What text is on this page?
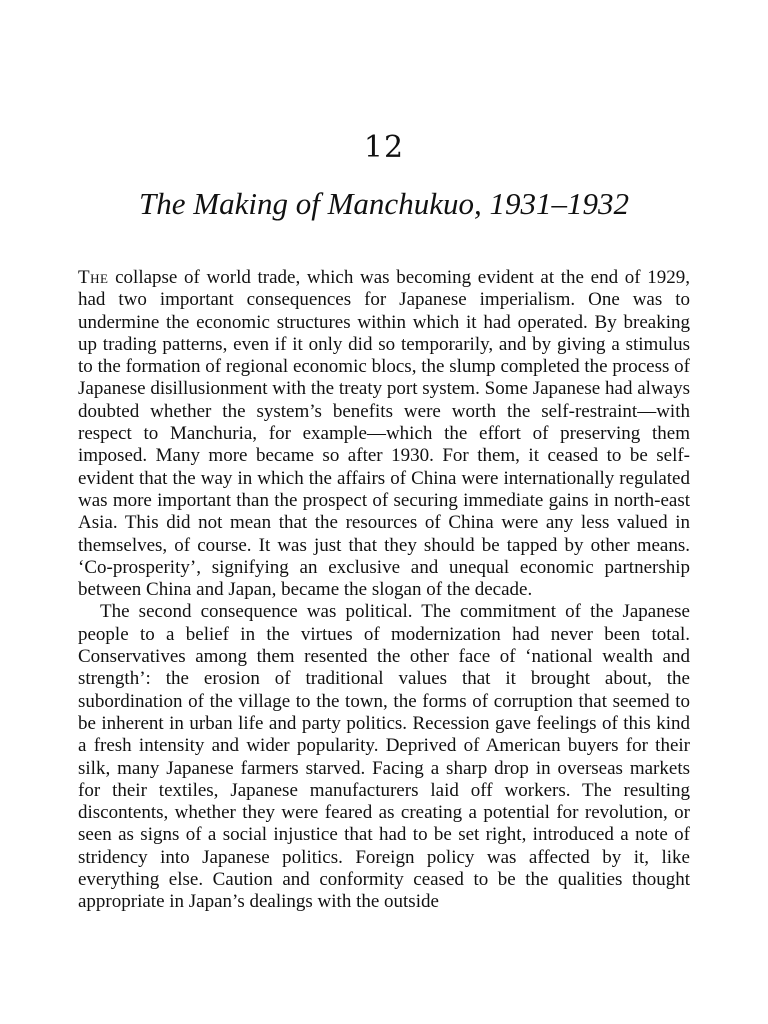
12
The Making of Manchukuo, 1931–1932

The collapse of world trade, which was becoming evident at the end of 1929, had two important consequences for Japanese imperialism. One was to undermine the economic structures within which it had operated. By breaking up trading patterns, even if it only did so temporarily, and by giving a stimulus to the formation of regional economic blocs, the slump completed the process of Japanese disillusionment with the treaty port system. Some Japanese had always doubted whether the system’s benefits were worth the self-restraint—with respect to Manchuria, for example—which the effort of preserving them imposed. Many more became so after 1930. For them, it ceased to be self-evident that the way in which the affairs of China were internationally regulated was more important than the prospect of securing immediate gains in north-east Asia. This did not mean that the resources of China were any less valued in themselves, of course. It was just that they should be tapped by other means. ‘Co-prosperity’, signifying an exclusive and unequal economic partnership between China and Japan, became the slogan of the decade.

The second consequence was political. The commitment of the Japanese people to a belief in the virtues of modernization had never been total. Conservatives among them resented the other face of ‘national wealth and strength’: the erosion of traditional values that it brought about, the subordination of the village to the town, the forms of corruption that seemed to be inherent in urban life and party politics. Recession gave feelings of this kind a fresh intensity and wider popularity. Deprived of American buyers for their silk, many Japanese farmers starved. Facing a sharp drop in overseas markets for their textiles, Japanese manufacturers laid off workers. The resulting discontents, whether they were feared as creating a potential for revolution, or seen as signs of a social injustice that had to be set right, introduced a note of stridency into Japanese politics. Foreign policy was affected by it, like everything else. Caution and conformity ceased to be the qualities thought appropriate in Japan’s dealings with the outside
